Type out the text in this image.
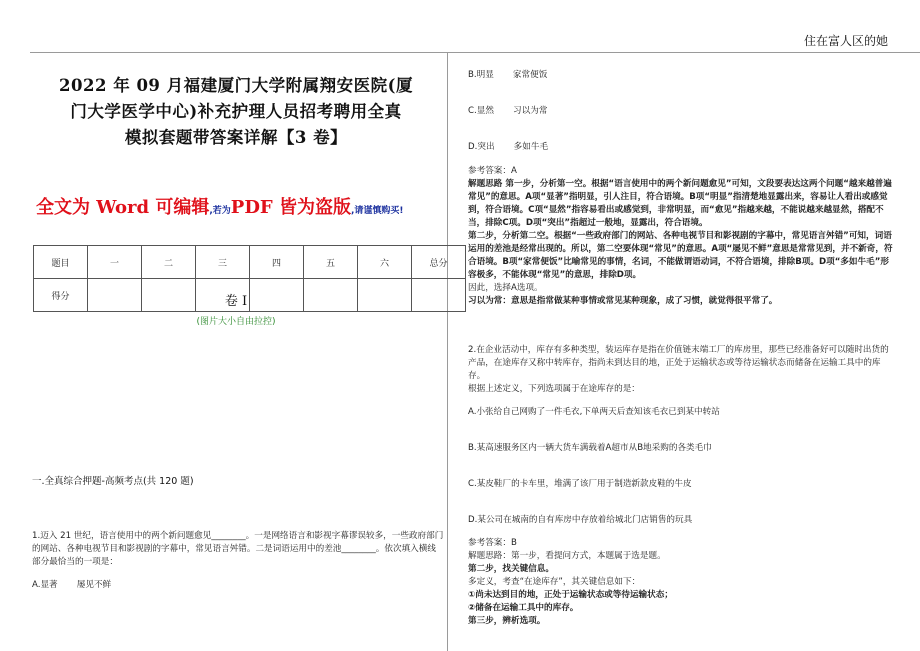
住在富人区的她
2022 年 09 月福建厦门大学附属翔安医院(厦
门大学医学中心)补充护理人员招考聘用全真
模拟套题带答案详解【3 卷】
全文为 Word 可编辑,若为PDF 皆为盗版,请谨慎购买!
题目	一	二	三	四	五	六	总分
得分							
(图片大小自由拉控)
卷 I
一.全真综合押题-高频考点(共 120 题)
1.迈入 21 世纪，语言使用中的两个新问题愈见________。一是网络语言和影视字幕谬误较多，一些政府部门的网站、各种电视节目和影视剧的字幕中，常见语言舛错。二是词语运用中的差池________。依次填入横线部分最恰当的一项是：
A.显著       屡见不鲜
B.明显       家常便饭
C.显然       习以为常
D.突出       多如牛毛
参考答案：A
解题思路 第一步，分析第一空。根据“语言使用中的两个新问题愈见”可知，文段要表达这两个问题“越来越普遍常见”的意思。A项“显著”指明显，引人注目，符合语境。B项“明显”指清楚地显露出来，容易让人看出或感觉到，符合语境。C项“显然”指容易看出或感觉到，非常明显，而“愈见”指越来越，不能说越来越显然，搭配不当，排除C项。D项“突出”指超过一般地，显露出，符合语境。
第二步，分析第二空。根据“一些政府部门的网站、各种电视节目和影视剧的字幕中，常见语言舛错”可知，词语运用的差池是经常出现的。所以，第二空要体现“常见”的意思。A项“屡见不鲜”意思是常常见到，并不新奇，符合语境。B项“家常便饭”比喻常见的事情，名词，不能做谓语动词，不符合语境，排除B项。D项“多如牛毛”形容极多，不能体现“常见”的意思，排除D项。
因此，选择A选项。
习以为常：意思是指常做某种事情或常见某种现象，成了习惯，就觉得很平常了。
2.在企业活动中，库存有多种类型，装运库存是指在价值链末端工厂的库房里，那些已经准备好可以随时出货的产品，在途库存又称中转库存，指尚未到达目的地，正处于运输状态或等待运输状态而储备在运输工具中的库存。
根据上述定义，下列选项属于在途库存的是：
A.小张给自己网购了一件毛衣,下单两天后查知该毛衣已到某中转站
B.某高速服务区内一辆大货车满载着A超市从B地采购的各类毛巾
C.某皮鞋厂的卡车里，堆满了该厂用于制造新款皮鞋的牛皮
D.某公司在城南的自有库房中存放着给城北门店销售的玩具
参考答案：B
解题思路：第一步，看提问方式，本题属于选是题。
第二步，找关键信息。
多定义，考查“在途库存”，其关键信息如下：
①尚未达到目的地，正处于运输状态或等待运输状态；
②储备在运输工具中的库存。
第三步，辨析选项。
